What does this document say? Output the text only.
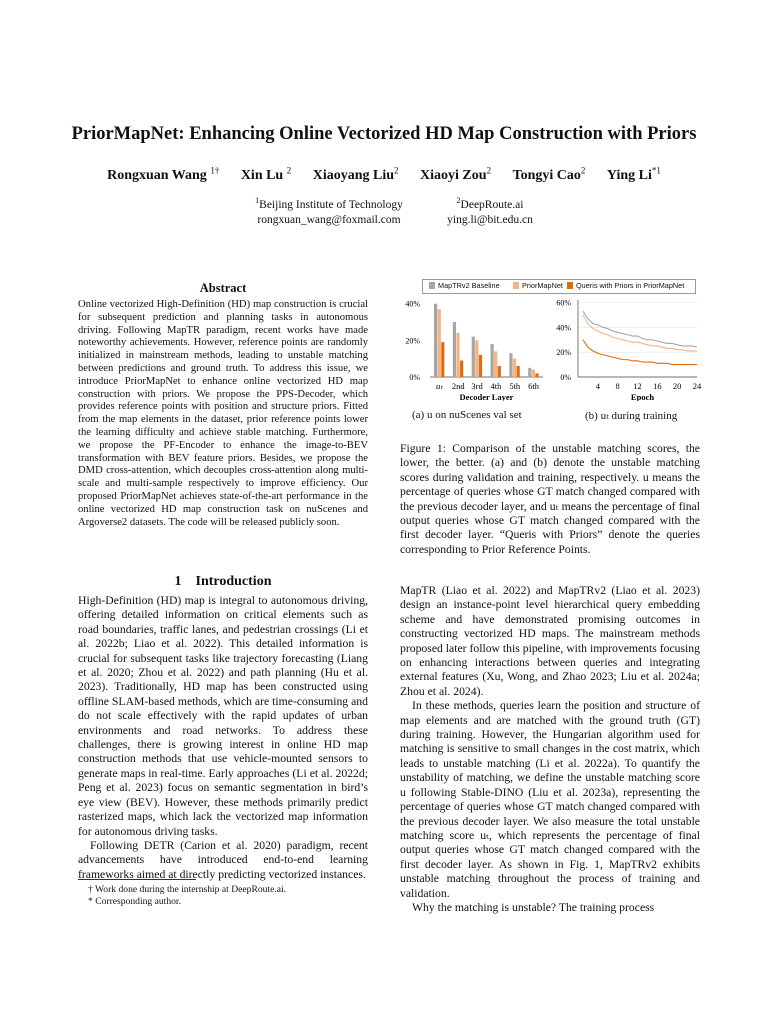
PriorMapNet: Enhancing Online Vectorized HD Map Construction with Priors
Rongxuan Wang $^{1\dagger}$ Xin Lu $^2$ Xiaoyang Liu$^2$ Xiaoyi Zou$^2$ Tongyi Cao$^2$ Ying Li$^{*1}$
$^1$Beijing Institute of Technology
rongxuan_wang@foxmail.com
$^2$DeepRoute.ai
ying.li@bit.edu.cn
Abstract
Online vectorized High-Definition (HD) map construction is crucial for subsequent prediction and planning tasks in autonomous driving. Following MapTR paradigm, recent works have made noteworthy achievements. However, reference points are randomly initialized in mainstream methods, leading to unstable matching between predictions and ground truth. To address this issue, we introduce PriorMapNet to enhance online vectorized HD map construction with priors. We propose the PPS-Decoder, which provides reference points with position and structure priors. Fitted from the map elements in the dataset, prior reference points lower the learning difficulty and achieve stable matching. Furthermore, we propose the PF-Encoder to enhance the image-to-BEV transformation with BEV feature priors. Besides, we propose the DMD cross-attention, which decouples cross-attention along multi-scale and multi-sample respectively to improve efficiency. Our proposed PriorMapNet achieves state-of-the-art performance in the online vectorized HD map construction task on nuScenes and Argoverse2 datasets. The code will be released publicly soon.
1 Introduction

High-Definition (HD) map is integral to autonomous driving, offering detailed information on critical elements such as road boundaries, traffic lanes, and pedestrian crossings (Li et al. 2022b; Liao et al. 2022). This detailed information is crucial for subsequent tasks like trajectory forecasting (Liang et al. 2020; Zhou et al. 2022) and path planning (Hu et al. 2023). Traditionally, HD map has been constructed using offline SLAM-based methods, which are time-consuming and do not scale effectively with the rapid updates of urban environments and road networks. To address these challenges, there is growing interest in online HD map construction methods that use vehicle-mounted sensors to generate maps in real-time. Early approaches (Li et al. 2022d; Peng et al. 2023) focus on semantic segmentation in bird’s eye view (BEV). However, these methods primarily predict rasterized maps, which lack the vectorized map information for autonomous driving tasks.

Following DETR (Carion et al. 2020) paradigm, recent advancements have introduced end-to-end learning frameworks aimed at directly predicting vectorized instances.

† Work done during the internship at DeepRoute.ai.
* Corresponding author.
MapTRv2 Baseline	PriorMapNet	Queris with Priors in PriorMapNet
0%
20%
40%
uₜ 2nd 3rd 4th 5th 6th
Decoder Layer
0%
20%
40%
60%
4 8 12 16 20 24
Epoch
(a) u on nuScenes val set	(b) uₜ during training
Figure 1: Comparison of the unstable matching scores, the lower, the better. (a) and (b) denote the unstable matching scores during validation and training, respectively. u means the percentage of queries whose GT match changed compared with the previous decoder layer, and uₜ means the percentage of final output queries whose GT match changed compared with the first decoder layer. “Queris with Priors” denote the queries corresponding to Prior Reference Points.

MapTR (Liao et al. 2022) and MapTRv2 (Liao et al. 2023) design an instance-point level hierarchical query embedding scheme and have demonstrated promising outcomes in constructing vectorized HD maps. The mainstream methods proposed later follow this pipeline, with improvements focusing on enhancing interactions between queries and integrating external features (Xu, Wong, and Zhao 2023; Liu et al. 2024a; Zhou et al. 2024).

In these methods, queries learn the position and structure of map elements and are matched with the ground truth (GT) during training. However, the Hungarian algorithm used for matching is sensitive to small changes in the cost matrix, which leads to unstable matching (Li et al. 2022a). To quantify the unstability of matching, we define the unstable matching score u following Stable-DINO (Liu et al. 2023a), representing the percentage of queries whose GT match changed compared with the previous decoder layer. We also measure the total unstable matching score uₜ, which represents the percentage of final output queries whose GT match changed compared with the first decoder layer. As shown in Fig. 1, MapTRv2 exhibits unstable matching throughout the process of training and validation.

Why the matching is unstable? The training process
